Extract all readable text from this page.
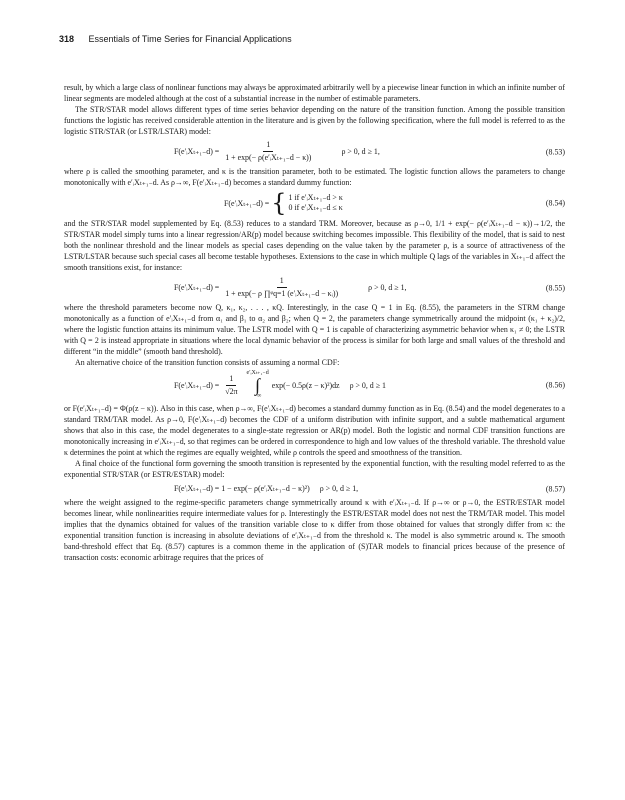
318 Essentials of Time Series for Financial Applications

result, by which a large class of nonlinear functions may always be approximated arbitrarily well by a piecewise linear function in which an infinite number of linear segments are modeled although at the cost of a substantial increase in the number of estimable parameters.

The STR/STAR model allows different types of time series behavior depending on the nature of the transition function. Among the possible transition functions the logistic has received considerable attention in the literature and is given by the following specification, where the full model is referred to as the logistic STR/STAR (or LSTR/LSTAR) model:

F(e′ᵢXₜ₊₁₋d) = $\frac{1}{\text{1 + exp(− ρ(e′ᵢXₜ₊₁₋d − κ))}}$	ρ > 0, d ≥ 1,	(8.53)

where ρ is called the smoothing parameter, and κ is the transition parameter, both to be estimated. The logistic function allows the parameters to change monotonically with e′ᵢXₜ₊₁₋d. As ρ→∞, F(e′ᵢXₜ₊₁₋d) becomes a standard dummy function:

F(e′ᵢXₜ₊₁₋d) = { 1 if e′ᵢXₜ₊₁₋d > κ
0 if e′ᵢXₜ₊₁₋d ≤ κ	(8.54)

and the STR/STAR model supplemented by Eq. (8.53) reduces to a standard TRM. Moreover, because as ρ→0, 1/1 + exp(− ρ(e′ᵢXₜ₊₁₋d − κ))→1/2, the STR/STAR model simply turns into a linear regression/AR(p) model because switching becomes impossible. This flexibility of the model, that is said to nest both the nonlinear threshold and the linear models as special cases depending on the value taken by the parameter ρ, is a source of attractiveness of the LSTR/LSTAR because such special cases all become testable hypotheses. Extensions to the case in which multiple Q lags of the variables in Xₜ₊₁₋d affect the smooth transitions exist, for instance:

F(e′ᵢXₜ₊₁₋d) = $\frac{1}{\text{1 + exp(− ρ ∏ᵠq=1 (e′ᵢXₜ₊₁₋d − κᵢ))}}$	ρ > 0, d ≥ 1,	(8.55)

where the threshold parameters become now Q, κ₁, κ₂, . . . , κQ. Interestingly, in the case Q = 1 in Eq. (8.55), the parameters in the STRM change monotonically as a function of e′ᵢXₜ₊₁₋d from α₁ and β₁ to α₂ and β₂; when Q = 2, the parameters change symmetrically around the midpoint (κ₁ + κ₂)/2, where the logistic function attains its minimum value. The LSTR model with Q = 1 is capable of characterizing asymmetric behavior when κ₁ ≠ 0; the LSTR with Q = 2 is instead appropriate in situations where the local dynamic behavior of the process is similar for both large and small values of the threshold and different “in the middle” (smooth band threshold).

An alternative choice of the transition function consists of assuming a normal CDF:

F(e′ᵢXₜ₊₁₋d) = $\frac{1}{√2\pi}$
e′ᵢXₜ₊₁₋d
∫
−∞
exp(− 0.5ρ(z − κ)²)dz ρ > 0, d ≥ 1	(8.56)

or F(e′ᵢXₜ₊₁₋d) = Φ(ρ(z − κ)). Also in this case, when ρ→∞, F(e′ᵢXₜ₊₁₋d) becomes a standard dummy function as in Eq. (8.54) and the model degenerates to a standard TRM/TAR model. As ρ→0, F(e′ᵢXₜ₊₁₋d) becomes the CDF of a uniform distribution with infinite support, and a subtle mathematical argument shows that also in this case, the model degenerates to a single-state regression or AR(p) model. Both the logistic and normal CDF transition functions are monotonically increasing in e′ᵢXₜ₊₁₋d, so that regimes can be ordered in correspondence to high and low values of the threshold variable. The threshold value κ determines the point at which the regimes are equally weighted, while ρ controls the speed and smoothness of the transition.

A final choice of the functional form governing the smooth transition is represented by the exponential function, with the resulting model referred to as the exponential STR/STAR (or ESTR/ESTAR) model:

F(e′ᵢXₜ₊₁₋d) = 1 − exp(− ρ(e′ᵢXₜ₊₁₋d − κ)²) ρ > 0, d ≥ 1,	(8.57)

where the weight assigned to the regime-specific parameters change symmetrically around κ with e′ᵢXₜ₊₁₋d. If ρ→∞ or ρ→0, the ESTR/ESTAR model becomes linear, while nonlinearities require intermediate values for ρ. Interestingly the ESTR/ESTAR model does not nest the TRM/TAR model. This model implies that the dynamics obtained for values of the transition variable close to κ differ from those obtained for values that strongly differ from κ: the exponential transition function is increasing in absolute deviations of e′ᵢXₜ₊₁₋d from the threshold κ. The model is also symmetric around κ. The smooth band-threshold effect that Eq. (8.57) captures is a common theme in the application of (S)TAR models to financial prices because of the presence of transaction costs: economic arbitrage requires that the prices of
